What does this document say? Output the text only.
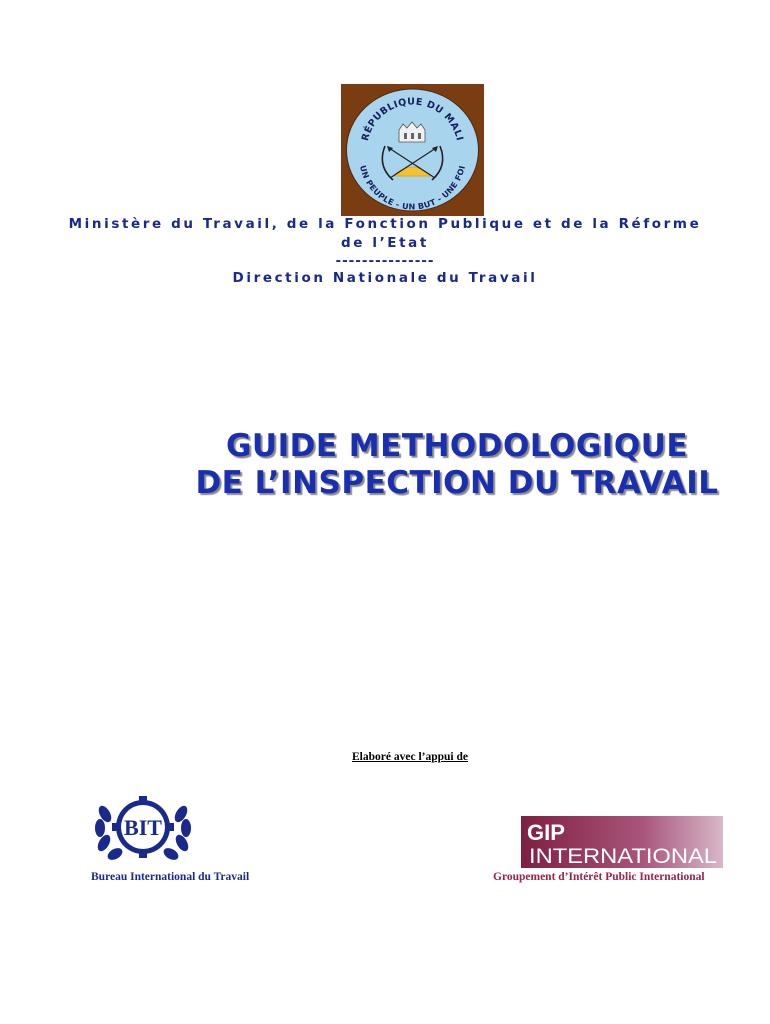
RÉPUBLIQUE DU MALI
UN PEUPLE - UN BUT - UNE FOI
Ministère du Travail, de la Fonction Publique et de la Réforme
de l’Etat
---------------
Direction Nationale du Travail
GUIDE METHODOLOGIQUE
DE L’INSPECTION DU TRAVAIL
Elaboré avec l’appui de
BIT
Bureau International du Travail
GIP
INTERNATIONAL
Groupement d’Intérêt Public International
